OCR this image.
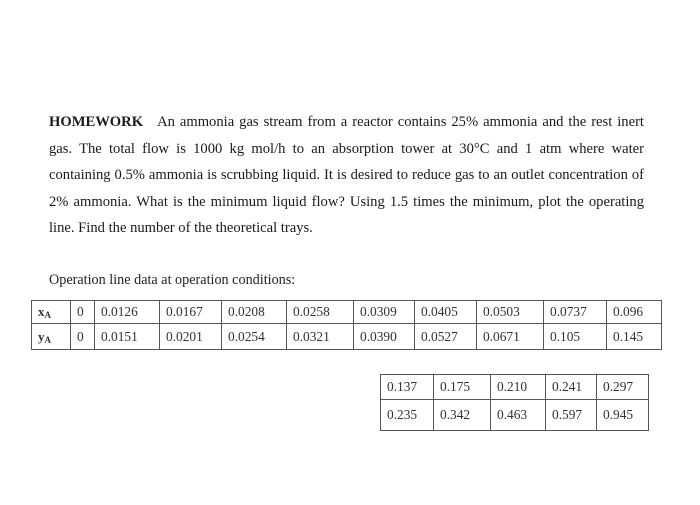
HOMEWORK An ammonia gas stream from a reactor contains 25% ammonia and the rest inert gas. The total flow is 1000 kg mol/h to an absorption tower at 30°C and 1 atm where water containing 0.5% ammonia is scrubbing liquid. It is desired to reduce gas to an outlet concentration of 2% ammonia. What is the minimum liquid flow? Using 1.5 times the minimum, plot the operating line. Find the number of the theoretical trays.
Operation line data at operation conditions:
$x_A$	0	0.0126	0.0167	0.0208	0.0258	0.0309	0.0405	0.0503	0.0737	0.096
$y_A$	0	0.0151	0.0201	0.0254	0.0321	0.0390	0.0527	0.0671	0.105	0.145
0.137	0.175	0.210	0.241	0.297
0.235	0.342	0.463	0.597	0.945
